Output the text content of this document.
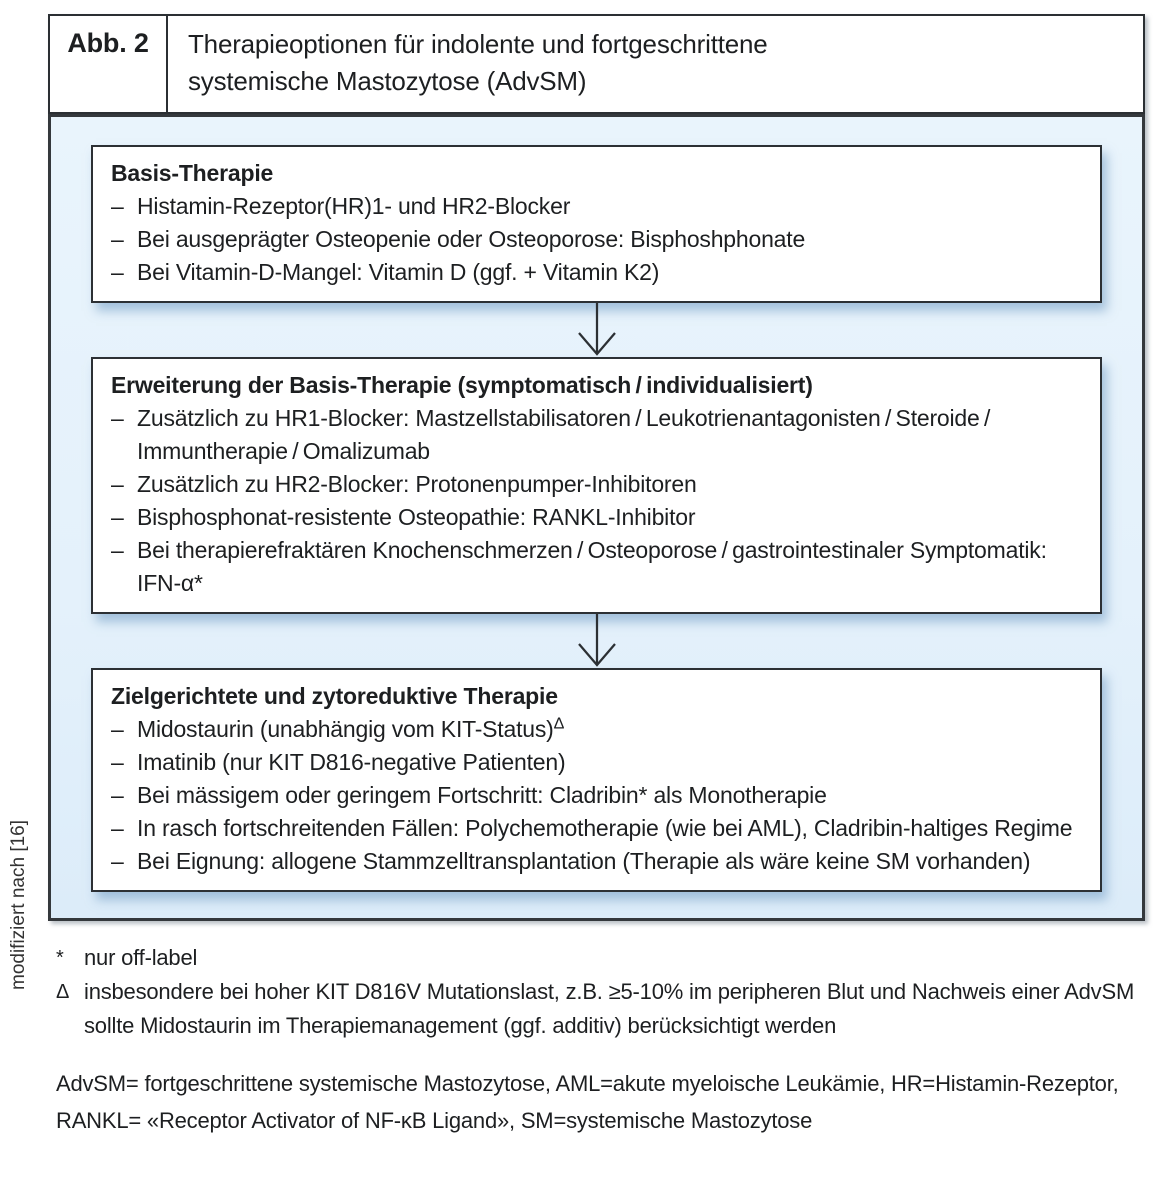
modifiziert nach [16]
Abb. 2	Therapieoptionen für indolente und fortgeschrittene systemische Mastozytose (AdvSM)
Basis-Therapie
– Histamin-Rezeptor(HR)1- und HR2-Blocker
– Bei ausgeprägter Osteopenie oder Osteoporose: Bisphoshphonate
– Bei Vitamin-D-Mangel: Vitamin D (ggf. + Vitamin K2)
Erweiterung der Basis-Therapie (symptomatisch / individualisiert)
– Zusätzlich zu HR1-Blocker: Mastzellstabilisatoren / Leukotrienantagonisten / Steroide / Immuntherapie / Omalizumab
– Zusätzlich zu HR2-Blocker: Protonenpumper-Inhibitoren
– Bisphosphonat-resistente Osteopathie: RANKL-Inhibitor
– Bei therapierefraktären Knochenschmerzen / Osteoporose / gastrointestinaler Symptomatik: IFN-α*
Zielgerichtete und zytoreduktive Therapie
– Midostaurin (unabhängig vom KIT-Status)$^\Delta$
– Imatinib (nur KIT D816-negative Patienten)
– Bei mässigem oder geringem Fortschritt: Cladribin* als Monotherapie
– In rasch fortschreitenden Fällen: Polychemotherapie (wie bei AML), Cladribin-haltiges Regime
– Bei Eignung: allogene Stammzelltransplantation (Therapie als wäre keine SM vorhanden)
* nur off-label
Δ insbesondere bei hoher KIT D816V Mutationslast, z.B. ≥5-10% im peripheren Blut und Nachweis einer AdvSM sollte Midostaurin im Therapiemanagement (ggf. additiv) berücksichtigt werden
AdvSM= fortgeschrittene systemische Mastozytose, AML=akute myeloische Leukämie, HR=Histamin-Rezeptor, RANKL= «Receptor Activator of NF-κB Ligand», SM=systemische Mastozytose
